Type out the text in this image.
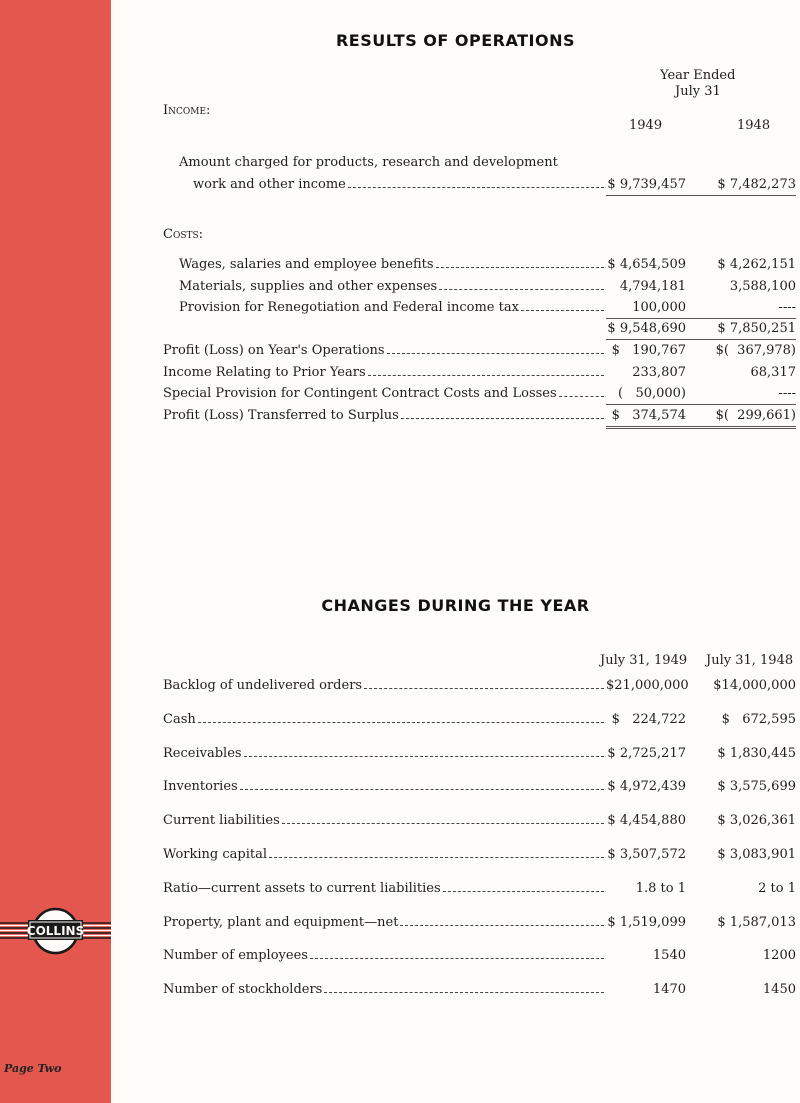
COLLINS
Page Two
RESULTS OF OPERATIONS
Year Ended
July 31
1949	1948
Income:
Amount charged for products, research and development
work and other income	$ 9,739,457	$ 7,482,273
Costs:
Wages, salaries and employee benefits	$ 4,654,509	$ 4,262,151
Materials, supplies and other expenses	4,794,181	3,588,100
Provision for Renegotiation and Federal income tax	100,000	----
$ 9,548,690	$ 7,850,251
Profit (Loss) on Year's Operations	$   190,767	$(  367,978)
Income Relating to Prior Years	233,807	68,317
Special Provision for Contingent Contract Costs and Losses	(   50,000)	----
Profit (Loss) Transferred to Surplus	$   374,574	$(  299,661)
CHANGES DURING THE YEAR
July 31, 1949 July 31, 1948
Backlog of undelivered orders	$21,000,000	$14,000,000
Cash	$   224,722	$   672,595
Receivables	$ 2,725,217	$ 1,830,445
Inventories	$ 4,972,439	$ 3,575,699
Current liabilities	$ 4,454,880	$ 3,026,361
Working capital	$ 3,507,572	$ 3,083,901
Ratio—current assets to current liabilities	1.8 to 1	2 to 1
Property, plant and equipment—net	$ 1,519,099	$ 1,587,013
Number of employees	1540	1200
Number of stockholders	1470	1450
